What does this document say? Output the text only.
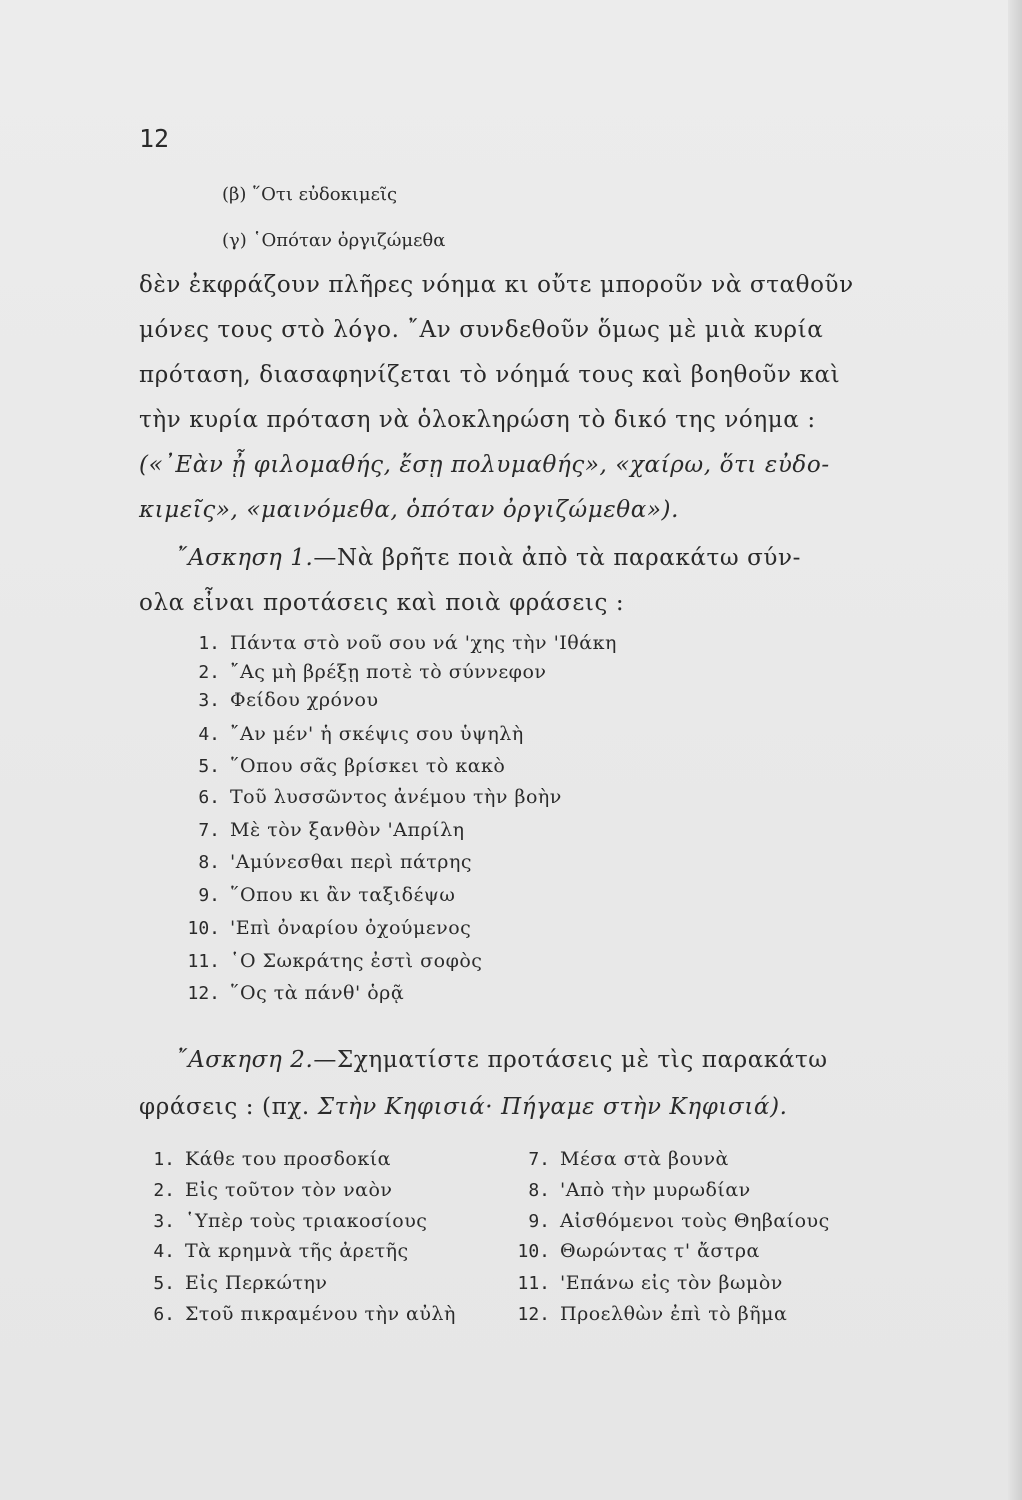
12
(β) ῞Οτι εὐδοκιμεῖς
(γ) ῾Οπόταν ὀργιζώμεθα
δὲν ἐκφράζουν πλῆρες νόημα κι οὔτε μποροῦν νὰ σταθοῦν
μόνες τους στὸ λόγο. ῎Αν συνδεθοῦν ὅμως μὲ μιὰ κυρία
πρόταση, διασαφηνίζεται τὸ νόημά τους καὶ βοηθοῦν καὶ
τὴν κυρία πρόταση νὰ ὁλοκληρώση τὸ δικό της νόημα :
(«᾿Εὰν ᾖ φιλομαθής, ἔσῃ πολυμαθής», «χαίρω, ὅτι εὐδο-
κιμεῖς», «μαινόμεθα, ὁπόταν ὀργιζώμεθα»).
῎Ασκηση 1.—Νὰ βρῆτε ποιὰ ἀπὸ τὰ παρακάτω σύν-
ολα εἶναι προτάσεις καὶ ποιὰ φράσεις :
1. Πάντα στὸ νοῦ σου νά 'χης τὴν 'Ιθάκη
2. ῎Ας μὴ βρέξῃ ποτὲ τὸ σύννεφον
3. Φείδου χρόνου
4. ῎Αν μέν' ἡ σκέψις σου ὑψηλὴ
5. ῞Οπου σᾶς βρίσκει τὸ κακὸ
6. Τοῦ λυσσῶντος ἀνέμου τὴν βοὴν
7. Μὲ τὸν ξανθὸν 'Απρίλη
8. 'Αμύνεσθαι περὶ πάτρης
9. ῞Οπου κι ἂν ταξιδέψω
10. 'Επὶ ὀναρίου ὀχούμενος
11. ῾Ο Σωκράτης ἐστὶ σοφὸς
12. ῞Ος τὰ πάνθ' ὁρᾷ
῎Ασκηση 2.—Σχηματίστε προτάσεις μὲ τὶς παρακάτω
φράσεις : (πχ. Στὴν Κηφισιά· Πήγαμε στὴν Κηφισιά).
1. Κάθε του προσδοκία
2. Εἰς τοῦτον τὸν ναὸν
3. ῾Υπὲρ τοὺς τριακοσίους
4. Τὰ κρημνὰ τῆς ἀρετῆς
5. Εἰς Περκώτην
6. Στοῦ πικραμένου τὴν αὐλὴ
7. Μέσα στὰ βουνὰ
8. 'Απὸ τὴν μυρωδίαν
9. Αἰσθόμενοι τοὺς Θηβαίους
10. Θωρώντας τ' ἄστρα
11. 'Επάνω εἰς τὸν βωμὸν
12. Προελθὼν ἐπὶ τὸ βῆμα
